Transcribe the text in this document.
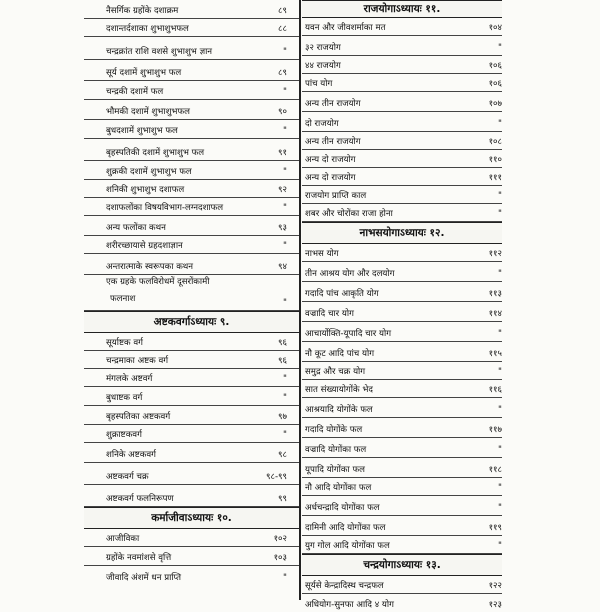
नैसर्गिक ग्रहोंके दशाक्रम	८९
दशान्तर्दशाका शुभाशुभफल	८८
चन्द्रक्रांत राशि वशसे शुभाशुभ ज्ञान	"
सूर्य दशामें शुभाशुभ फल	८९
चन्द्रकी दशामें फल	"
भौमकी दशामें शुभाशुभफल	९०
बुधदशामें शुभाशुभ फल	"
बृहस्पतिकी दशामें शुभाशुभ फल	९१
शुक्रकी दशामें शुभाशुभ फल	"
शनिकी शुभाशुभ दशाफल	९२
दशाफलोंका विषयविभाग-लग्नदशाफल	"
अन्य फलोंका कथन	९३
शरीरच्छायासे ग्रहदशाज्ञान	"
अन्तरात्माके स्वरूपका कथन	९४
एक ग्रहके फलविरोधमें दूसरोंकामी
फलनाश	"
अष्टकवर्गाऽध्यायः ९.
सूर्याष्टक वर्ग	९६
चन्द्रमाका अष्टक वर्ग	९६
मंगलके अष्टवर्ग	"
बुधाष्टक वर्ग	"
बृहस्पतिका अष्टकवर्ग	९७
शुक्राष्टकवर्ग	"
शनिके अष्टकवर्ग	९८
अष्टकवर्ग चक्र	९८-९९
अष्टकवर्ग फलनिरूपण	९९
कर्माजीवाऽध्यायः १०.
आजीविका	१०२
ग्रहोंके नवमांशसे वृत्ति	१०३
जीवादि अंशमें धन प्राप्ति	"
राजयोगाऽध्यायः ११.
यवन और जीवशर्माका मत	१०४
३२ राजयोग	"
४४ राजयोग	१०६
पांच योग	१०६
अन्य तीन राजयोग	१०७
दो राजयोग	"
अन्य तीन राजयोग	१०८
अन्य दो राजयोग	११०
अन्य दो राजयोग	१११
राजयोग प्राप्ति काल	"
शबर और चोरोंका राजा होना	"
नाभसयोगाऽध्यायः १२.
नाभस योग	११२
तीन आश्रय योग और दलयोग	"
गदादि पांच आकृति योग	११३
वज्रादि चार योग	११४
आचार्योक्ति-यूपादि चार योग	"
नौ कूट आदि पांच योग	११५
समुद्र और चक्र योग	"
सात संख्यायोगोंके भेद	११६
आश्रयादि योगोंके फल	"
गदादि योगोंके फल	११७
वज्रादि योगोंका फल	"
यूपादि योगोंका फल	११८
नौ आदि योगोंका फल	"
अर्धचन्द्रादि योगोंका फल	"
दामिनी आदि योगोंका फल	११९
युग गोल आदि योगोंका फल	"
चन्द्रयोगाऽध्यायः १३.
सूर्यसे केन्द्रादिस्थ चन्द्रफल	१२२
अधियोग-सुनफा आदि ४ योग	१२३
